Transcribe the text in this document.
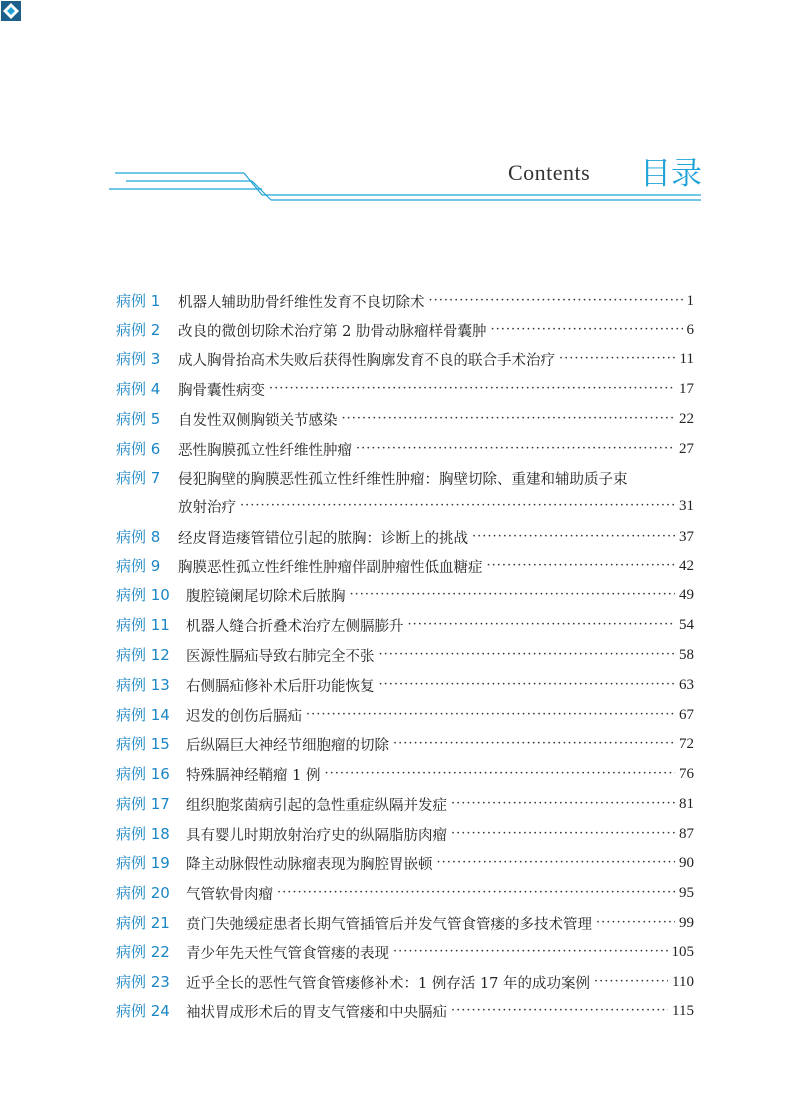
Contents 目录
病例 1 机器人辅助肋骨纤维性发育不良切除术 ·····	1
病例 2 改良的微创切除术治疗第 2 肋骨动脉瘤样骨囊肿 ·····	6
病例 3 成人胸骨抬高术失败后获得性胸廓发育不良的联合手术治疗 ·····	11
病例 4 胸骨囊性病变 ·····	17
病例 5 自发性双侧胸锁关节感染 ·····	22
病例 6 恶性胸膜孤立性纤维性肿瘤 ·····	27
病例 7 侵犯胸壁的胸膜恶性孤立性纤维性肿瘤：胸壁切除、重建和辅助质子束
放射治疗 ·····	31
病例 8 经皮肾造瘘管错位引起的脓胸：诊断上的挑战 ·····	37
病例 9 胸膜恶性孤立性纤维性肿瘤伴副肿瘤性低血糖症 ·····	42
病例 10 腹腔镜阑尾切除术后脓胸 ·····	49
病例 11 机器人缝合折叠术治疗左侧膈膨升 ·····	54
病例 12 医源性膈疝导致右肺完全不张 ·····	58
病例 13 右侧膈疝修补术后肝功能恢复 ·····	63
病例 14 迟发的创伤后膈疝 ·····	67
病例 15 后纵隔巨大神经节细胞瘤的切除 ·····	72
病例 16 特殊膈神经鞘瘤 1 例 ·····	76
病例 17 组织胞浆菌病引起的急性重症纵隔并发症 ·····	81
病例 18 具有婴儿时期放射治疗史的纵隔脂肪肉瘤 ·····	87
病例 19 降主动脉假性动脉瘤表现为胸腔胃嵌顿 ·····	90
病例 20 气管软骨肉瘤 ·····	95
病例 21 贲门失弛缓症患者长期气管插管后并发气管食管瘘的多技术管理 ·····	99
病例 22 青少年先天性气管食管瘘的表现 ·····	105
病例 23 近乎全长的恶性气管食管瘘修补术：1 例存活 17 年的成功案例 ·····	110
病例 24 袖状胃成形术后的胃支气管瘘和中央膈疝 ·····	115
